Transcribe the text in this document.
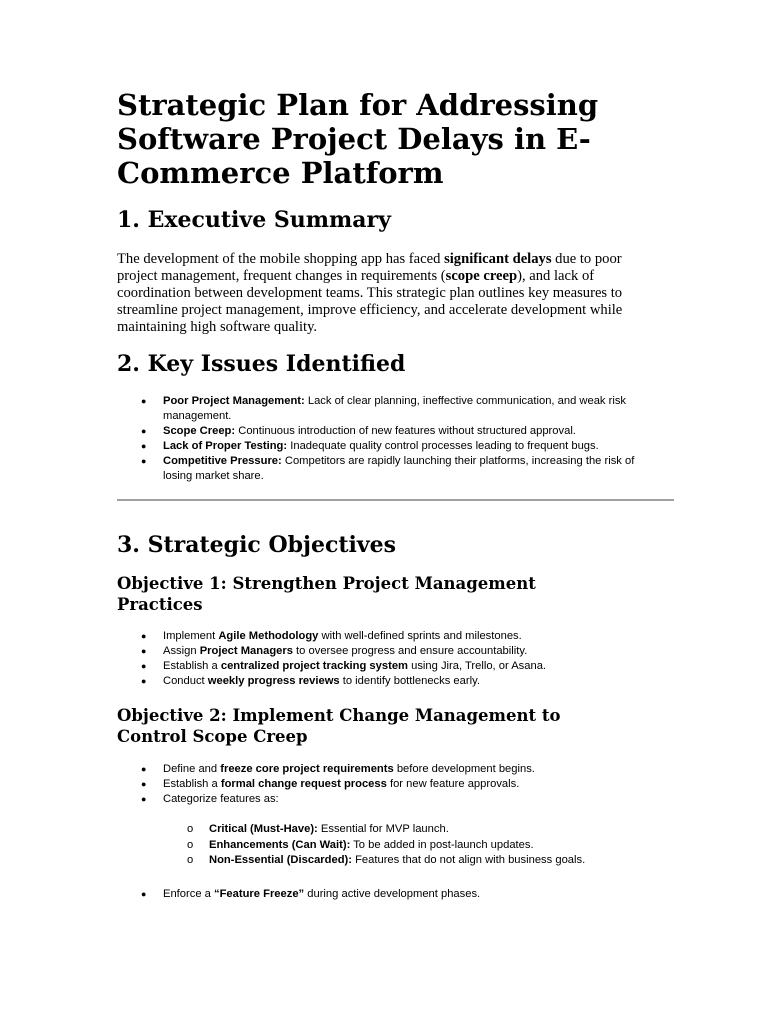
Strategic Plan for Addressing Software Project Delays in E-Commerce Platform
1. Executive Summary

The development of the mobile shopping app has faced significant delays due to poor project management, frequent changes in requirements (scope creep), and lack of coordination between development teams. This strategic plan outlines key measures to streamline project management, improve efficiency, and accelerate development while maintaining high software quality.

2. Key Issues Identified
● Poor Project Management: Lack of clear planning, ineffective communication, and weak risk management.
● Scope Creep: Continuous introduction of new features without structured approval.
● Lack of Proper Testing: Inadequate quality control processes leading to frequent bugs.
● Competitive Pressure: Competitors are rapidly launching their platforms, increasing the risk of losing market share.
3. Strategic Objectives
Objective 1: Strengthen Project Management Practices
● Implement Agile Methodology with well-defined sprints and milestones.
● Assign Project Managers to oversee progress and ensure accountability.
● Establish a centralized project tracking system using Jira, Trello, or Asana.
● Conduct weekly progress reviews to identify bottlenecks early.
Objective 2: Implement Change Management to Control Scope Creep
● Define and freeze core project requirements before development begins.
● Establish a formal change request process for new feature approvals.
● Categorize features as:
o Critical (Must-Have): Essential for MVP launch.
o Enhancements (Can Wait): To be added in post-launch updates.
o Non-Essential (Discarded): Features that do not align with business goals.
● Enforce a “Feature Freeze” during active development phases.
